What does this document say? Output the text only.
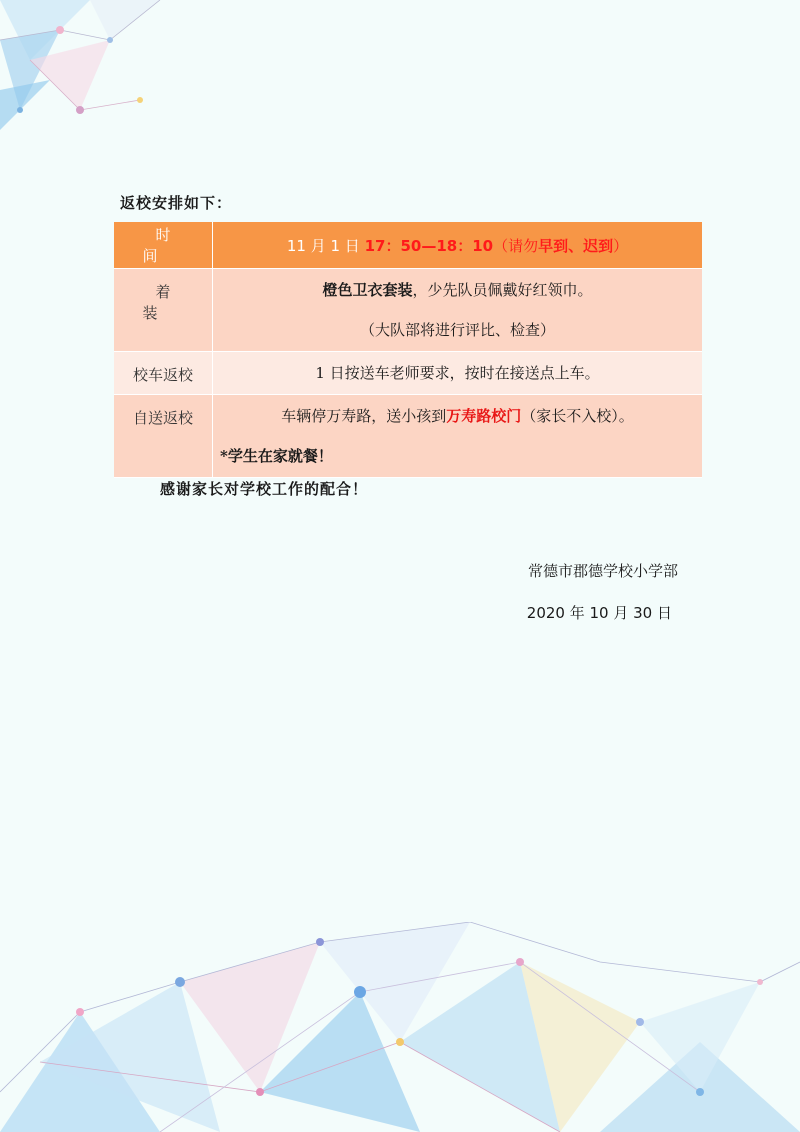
返校安排如下：
时间	11 月 1 日 17：50—18：10（请勿早到、迟到）
着装	橙色卫衣套装，少先队员佩戴好红领巾。
（大队部将进行评比、检查）

校车返校	1 日按送车老师要求，按时在接送点上车。

自送返校	车辆停万寿路，送小孩到万寿路校门（家长不入校）。
*学生在家就餐！
感谢家长对学校工作的配合！
常德市郡德学校小学部
2020 年 10 月 30 日
